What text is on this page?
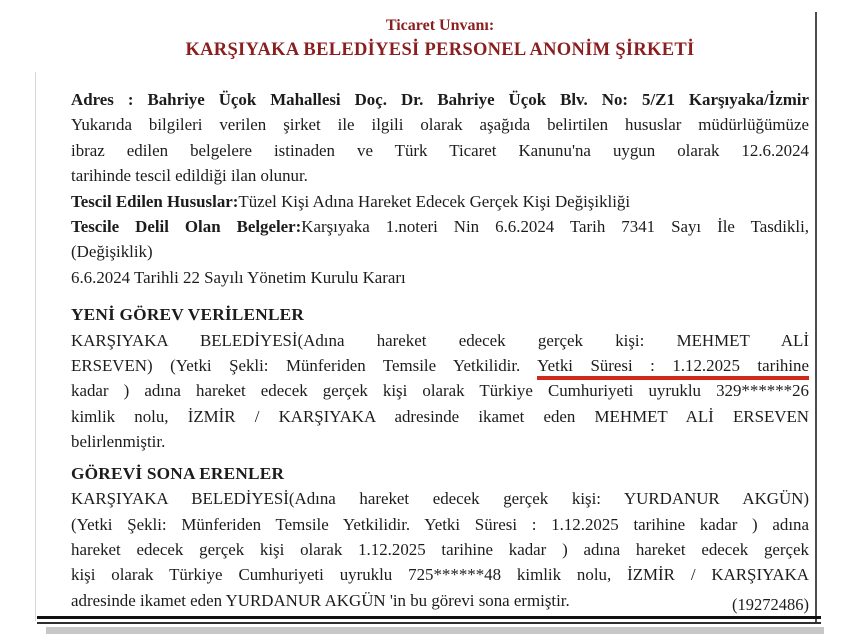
Ticaret Unvanı:
KARŞIYAKA BELEDİYESİ PERSONEL ANONİM ŞİRKETİ
Adres : Bahriye Üçok Mahallesi Doç. Dr. Bahriye Üçok Blv. No: 5/Z1 Karşıyaka/İzmir
Yukarıda bilgileri verilen şirket ile ilgili olarak aşağıda belirtilen hususlar müdürlüğümüze
ibraz edilen belgelere istinaden ve Türk Ticaret Kanunu'na uygun olarak 12.6.2024
tarihinde tescil edildiği ilan olunur.
Tescil Edilen Hususlar:Tüzel Kişi Adına Hareket Edecek Gerçek Kişi Değişikliği
Tescile Delil Olan Belgeler:Karşıyaka 1.noteri Nin 6.6.2024 Tarih 7341 Sayı İle Tasdikli,
(Değişiklik)
6.6.2024 Tarihli 22 Sayılı Yönetim Kurulu Kararı
YENİ GÖREV VERİLENLER
KARŞIYAKA BELEDİYESİ(Adına hareket edecek gerçek kişi: MEHMET ALİ
ERSEVEN) (Yetki Şekli: Münferiden Temsile Yetkilidir. Yetki Süresi : 1.12.2025 tarihine
kadar ) adına hareket edecek gerçek kişi olarak Türkiye Cumhuriyeti uyruklu 329******26
kimlik nolu, İZMİR / KARŞIYAKA adresinde ikamet eden MEHMET ALİ ERSEVEN
belirlenmiştir.
GÖREVİ SONA ERENLER
KARŞIYAKA BELEDİYESİ(Adına hareket edecek gerçek kişi: YURDANUR AKGÜN)
(Yetki Şekli: Münferiden Temsile Yetkilidir. Yetki Süresi : 1.12.2025 tarihine kadar ) adına
hareket edecek gerçek kişi olarak 1.12.2025 tarihine kadar ) adına hareket edecek gerçek
kişi olarak Türkiye Cumhuriyeti uyruklu 725******48 kimlik nolu, İZMİR / KARŞIYAKA
adresinde ikamet eden YURDANUR AKGÜN 'in bu görevi sona ermiştir.	(19272486)
